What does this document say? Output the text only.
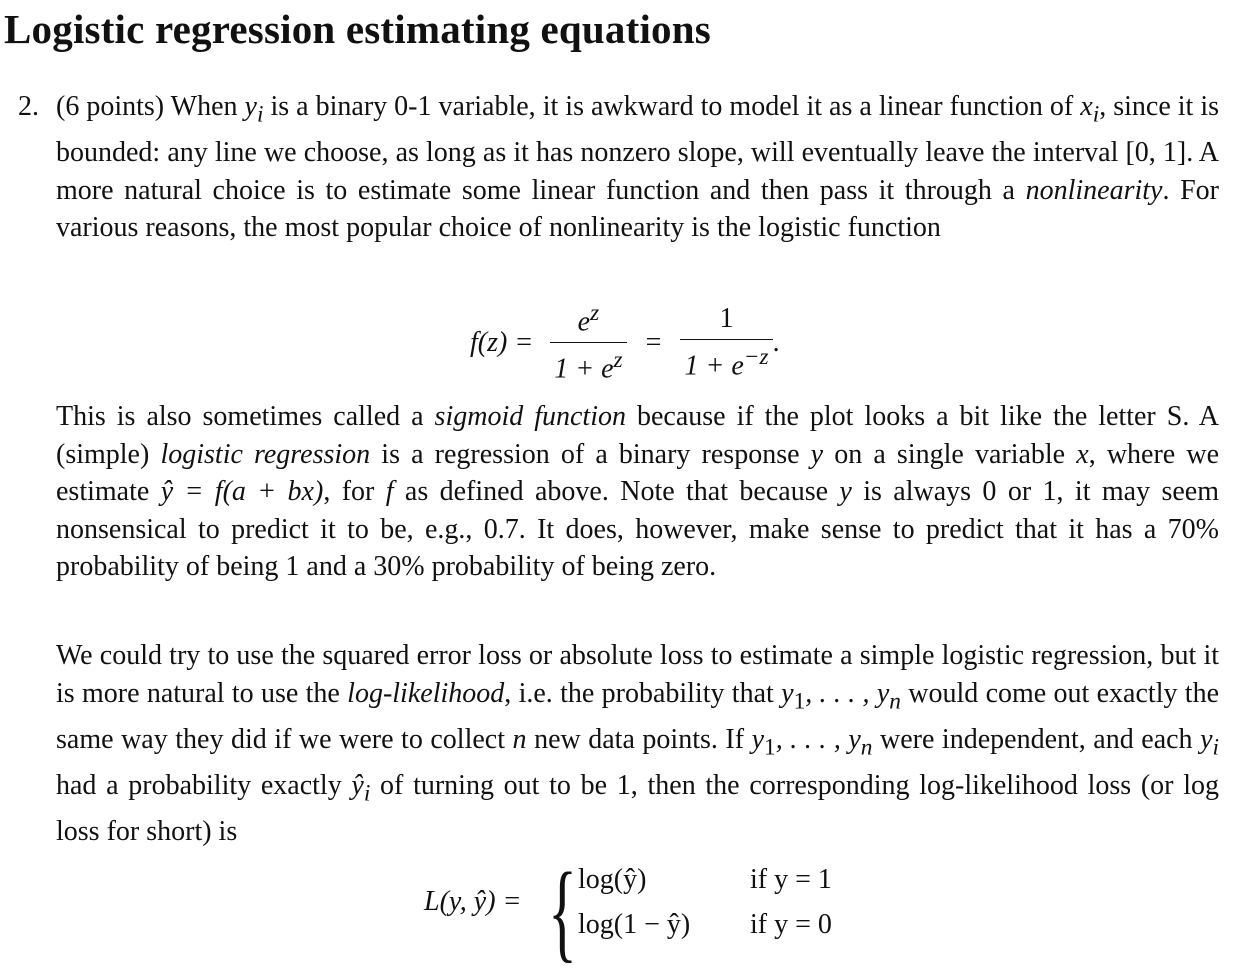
Logistic regression estimating equations
2. (6 points) When $y_i$ is a binary 0-1 variable, it is awkward to model it as a linear function of $x_i$, since it is bounded: any line we choose, as long as it has nonzero slope, will eventually leave the interval [0, 1]. A more natural choice is to estimate some linear function and then pass it through a nonlinearity. For various reasons, the most popular choice of nonlinearity is the logistic function

$f(z) = \frac{e^z}{1 + e^z} = \frac{1}{1 + e^{-z}}$ .

This is also sometimes called a sigmoid function because if the plot looks a bit like the letter S. A (simple) logistic regression is a regression of a binary response y on a single variable x, where we estimate ŷ = f(a + bx), for f as defined above. Note that because y is always 0 or 1, it may seem nonsensical to predict it to be, e.g., 0.7. It does, however, make sense to predict that it has a 70% probability of being 1 and a 30% probability of being zero.

We could try to use the squared error loss or absolute loss to estimate a simple logistic regression, but it is more natural to use the log-likelihood, i.e. the probability that $y_1$, . . . , $y_n$ would come out exactly the same way they did if we were to collect n new data points. If $y_1$, . . . , $y_n$ were independent, and each $y_i$ had a probability exactly $ŷ_i$ of turning out to be 1, then the corresponding log-likelihood loss (or log loss for short) is

L(y, ŷ) = { log(ŷ)	if y = 1
log(1 − ŷ) if y = 0
